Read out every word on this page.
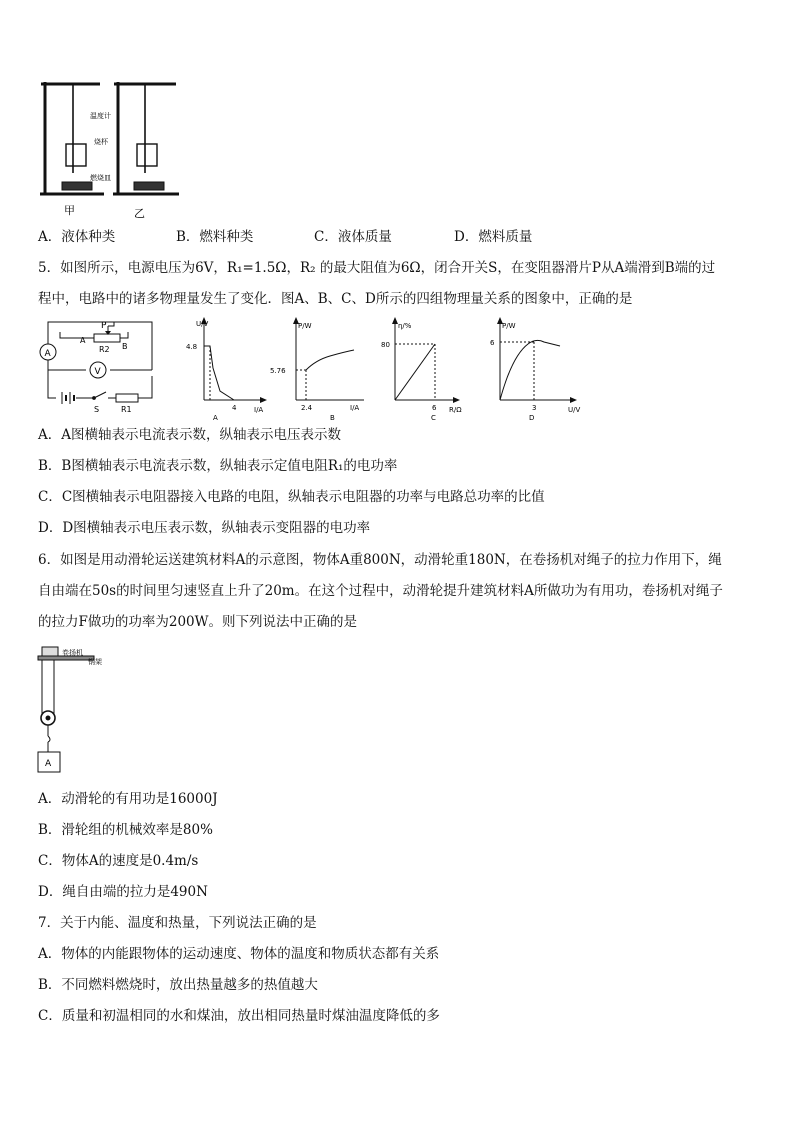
温度计
烧杯
燃烧皿
甲	乙
A．液体种类	B．燃料种类	C．液体质量	D．燃料质量
5．如图所示，电源电压为6V，R₁=1.5Ω，R₂ 的最大阻值为6Ω，闭合开关S，在变阻器滑片P从A端滑到B端的过
程中，电路中的诸多物理量发生了变化．图A、B、C、D所示的四组物理量关系的图象中，正确的是
A
V
P
A
B
R2
S	R1
U/V
I/A
4.8
4
A
P/W
I/A
5.76
2.4
B
η/%
R/Ω
80
6
C
P/W
U/V
6
3
D
A．A图横轴表示电流表示数，纵轴表示电压表示数
B．B图横轴表示电流表示数，纵轴表示定值电阻R₁的电功率
C．C图横轴表示电阻器接入电路的电阻，纵轴表示电阻器的功率与电路总功率的比值
D．D图横轴表示电压表示数，纵轴表示变阻器的电功率
6．如图是用动滑轮运送建筑材料A的示意图，物体A重800N，动滑轮重180N，在卷扬机对绳子的拉力作用下，绳
自由端在50s的时间里匀速竖直上升了20m。在这个过程中，动滑轮提升建筑材料A所做功为有用功，卷扬机对绳子
的拉力F做功的功率为200W。则下列说法中正确的是
卷扬机
钢架
A
A．动滑轮的有用功是16000J
B．滑轮组的机械效率是80%
C．物体A的速度是0.4m/s
D．绳自由端的拉力是490N
7．关于内能、温度和热量，下列说法正确的是
A．物体的内能跟物体的运动速度、物体的温度和物质状态都有关系
B．不同燃料燃烧时，放出热量越多的热值越大
C．质量和初温相同的水和煤油，放出相同热量时煤油温度降低的多
